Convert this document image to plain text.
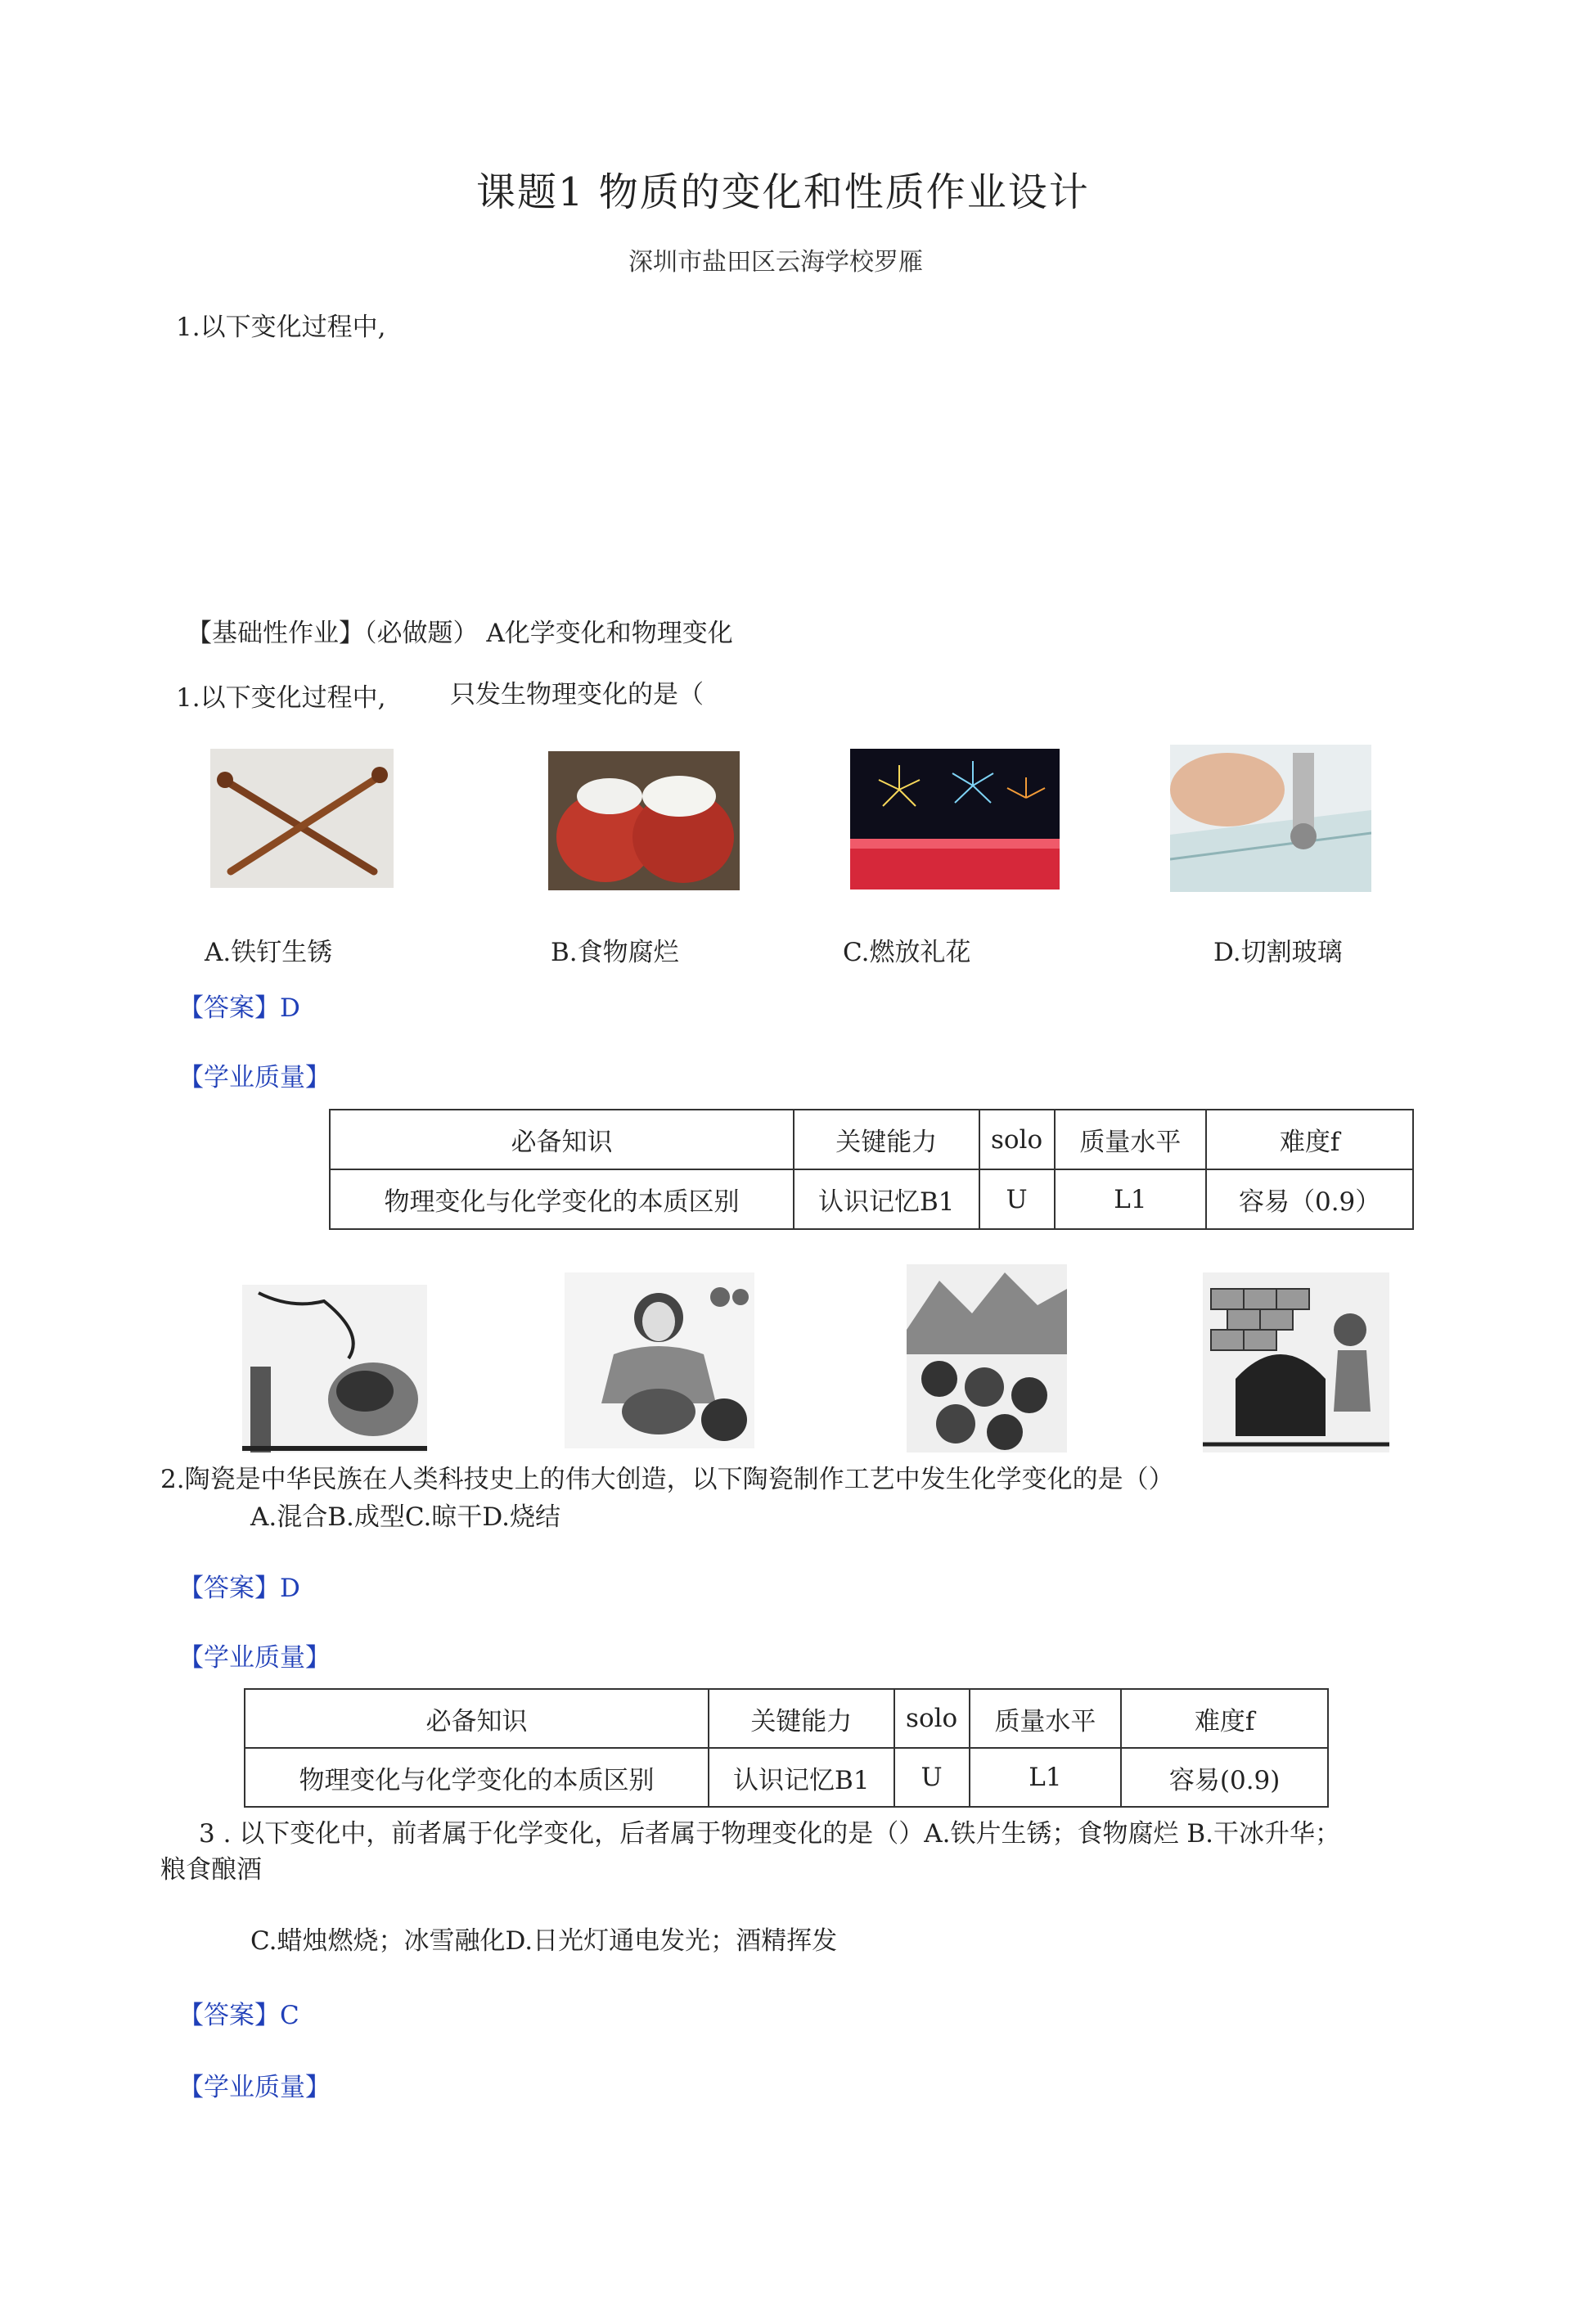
课题1 物质的变化和性质作业设计
深圳市盐田区云海学校罗雁
1.以下变化过程中,
【基础性作业】（必做题） A化学变化和物理变化
1.以下变化过程中,	只发生物理变化的是（
A.铁钉生锈	B.食物腐烂	C.燃放礼花	D.切割玻璃
【答案】D
【学业质量】
必备知识	关键能力	solo	质量水平	难度f
物理变化与化学变化的本质区别	认识记忆B1	U	L1	容易（0.9）
2.陶瓷是中华民族在人类科技史上的伟大创造，以下陶瓷制作工艺中发生化学变化的是（）
A.混合B.成型C.晾干D.烧结
【答案】D
【学业质量】
必备知识	关键能力	solo	质量水平	难度f
物理变化与化学变化的本质区别	认识记忆B1	U	L1	容易(0.9)
3 . 以下变化中，前者属于化学变化，后者属于物理变化的是（）A.铁片生锈；食物腐烂 B.干冰升华；
粮食酿酒
C.蜡烛燃烧；冰雪融化D.日光灯通电发光；酒精挥发
【答案】C
【学业质量】
